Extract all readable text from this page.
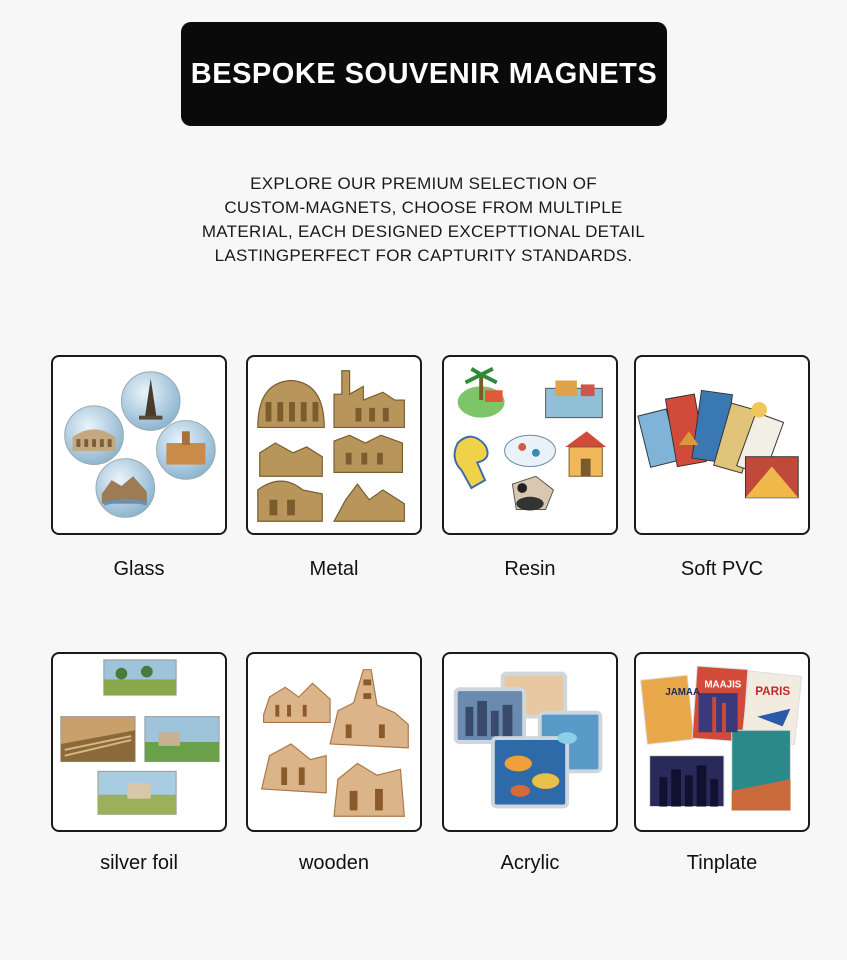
BESPOKE SOUVENIR MAGNETS
EXPLORE OUR PREMIUM SELECTION OF
CUSTOM-MAGNETS, CHOOSE FROM MULTIPLE
MATERIAL, EACH DESIGNED EXCEPTTIONAL DETAIL
LASTINGPERFECT FOR CAPTURITY STANDARDS.
Glass	Metal	Resin	Soft PVC
silver foil	wooden	Acrylic
JAMAA
MAAJIS
PARIS
Tinplate
